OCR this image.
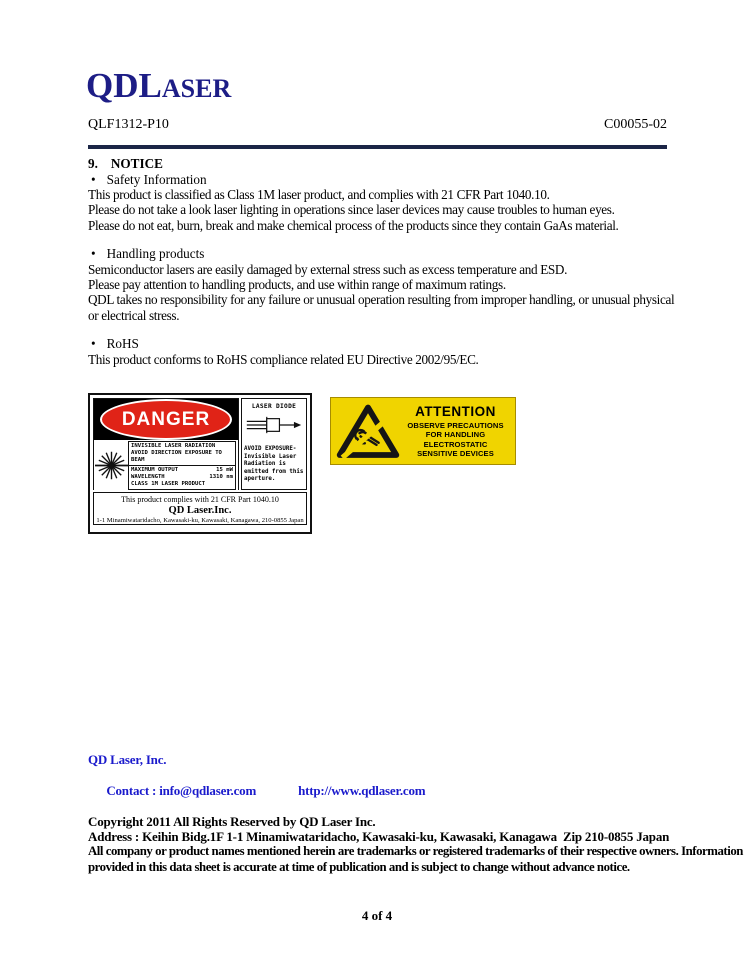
QDLASER
QLF1312-P10	C00055-02
9. NOTICE
• Safety Information
This product is classified as Class 1M laser product, and complies with 21 CFR Part 1040.10.
Please do not take a look laser lighting in operations since laser devices may cause troubles to human eyes.
Please do not eat, burn, break and make chemical process of the products since they contain GaAs material.
• Handling products
Semiconductor lasers are easily damaged by external stress such as excess temperature and ESD.
Please pay attention to handling products, and use within range of maximum ratings.
QDL takes no responsibility for any failure or unusual operation resulting from improper handling, or unusual physical
or electrical stress.
• RoHS
This product conforms to RoHS compliance related EU Directive 2002/95/EC.
DANGER
INVISIBLE LASER RADIATION
AVOID DIRECTION EXPOSURE TO BEAM
MAXIMUM OUTPUT	15 mW
WAVELENGTH	1310 nm
CLASS 1M LASER PRODUCT
LASER DIODE
AVOID EXPOSURE-Invisible Laser Radiation is emitted from this aperture.
This product complies with 21 CFR Part 1040.10
QD Laser.Inc.
1-1 Minamiwataridacho, Kawasaki-ku, Kawasaki, Kanagawa, 210-0855 Japan
ATTENTION
OBSERVE PRECAUTIONS
FOR HANDLING
ELECTROSTATIC
SENSITIVE DEVICES
QD Laser, Inc.

Contact : info@qdlaser.com	http://www.qdlaser.com

Copyright 2011 All Rights Reserved by QD Laser Inc.
Address : Keihin Bidg.1F 1-1 Minamiwataridacho, Kawasaki-ku, Kawasaki, Kanagawa  Zip 210-0855 Japan
All company or product names mentioned herein are trademarks or registered trademarks of their respective owners. Information
provided in this data sheet is accurate at time of publication and is subject to change without advance notice.
4 of 4
